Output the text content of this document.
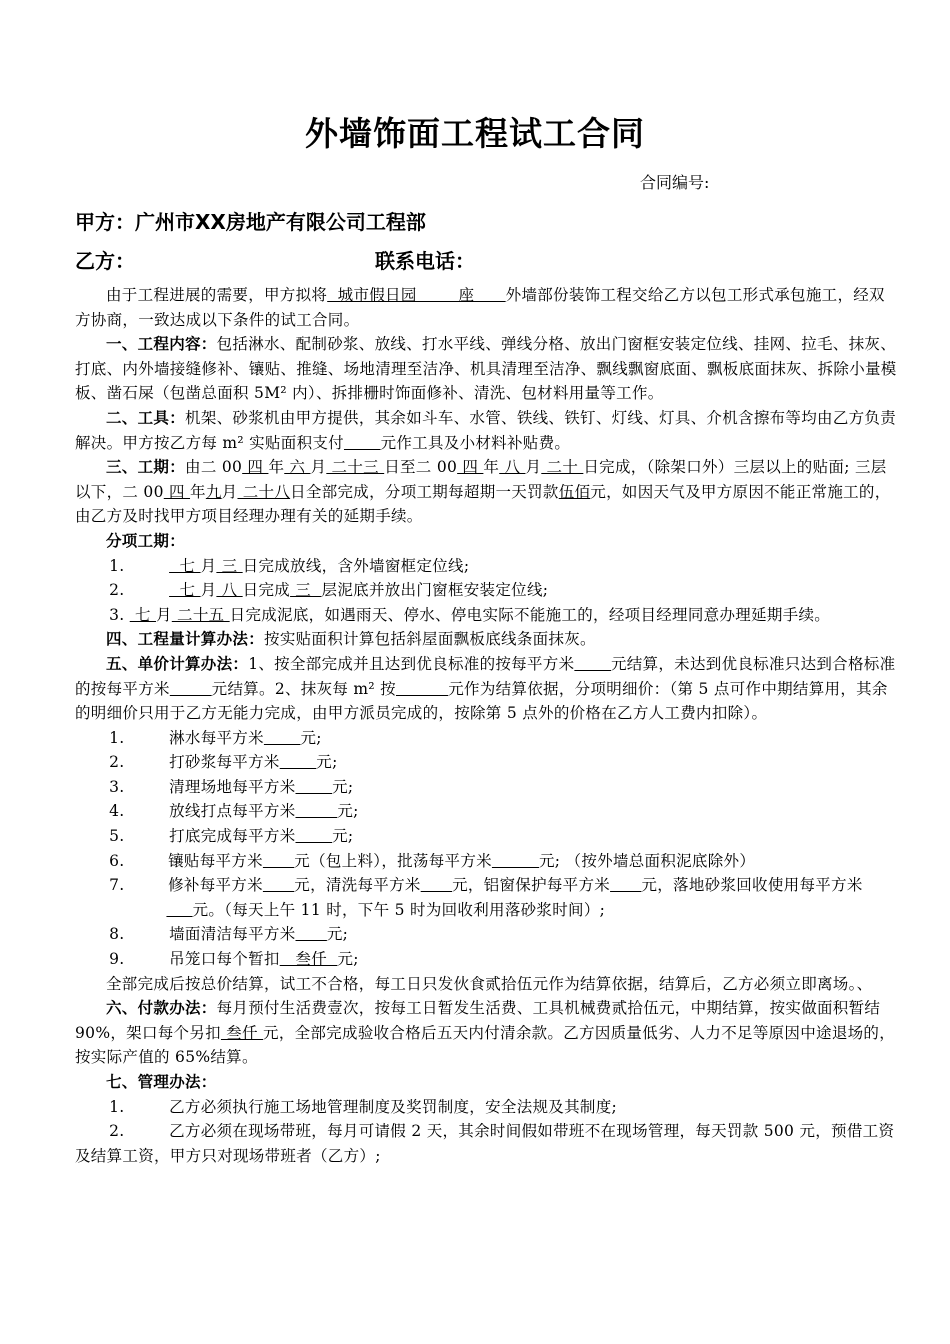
外墙饰面工程试工合同
合同编号:
甲方：广州市XX房地产有限公司工程部
乙方：	联系电话：

由于工程进展的需要，甲方拟将  城市假日园        座      外墙部份装饰工程交给乙方以包工形式承包施工，经双方协商，一致达成以下条件的试工合同。

一、工程内容：包括淋水、配制砂浆、放线、打水平线、弹线分格、放出门窗框安装定位线、挂网、拉毛、抹灰、打底、内外墙接缝修补、镶贴、推缝、场地清理至洁净、机具清理至洁净、飘线飘窗底面、飘板底面抹灰、拆除小量模板、凿石屎（包凿总面积 5M² 内）、拆排栅时饰面修补、清洗、包材料用量等工作。

二、工具：机架、砂浆机由甲方提供，其余如斗车、水管、铁线、铁钉、灯线、灯具、介机含擦布等均由乙方负责解决。甲方按乙方每 m² 实贴面积支付 元作工具及小材料补贴费。

三、工期：由二 00 四 年 六 月 二十三 日至二 00 四 年 八 月 二十 日完成，（除架口外）三层以上的贴面; 三层以下，二 00 四 年九月 二十八日全部完成，分项工期每超期一天罚款伍佰元，如因天气及甲方原因不能正常施工的，由乙方及时找甲方项目经理办理有关的延期手续。

分项工期：

1.	七 月 三 日完成放线，含外墙窗框定位线;

2.	七 月 八 日完成 三  层泥底并放出门窗框安装定位线;

3.  七 月 二十五 日完成泥底，如遇雨天、停水、停电实际不能施工的，经项目经理同意办理延期手续。

四、工程量计算办法：按实贴面积计算包括斜屋面飘板底线条面抹灰。

五、单价计算办法：1、按全部完成并且达到优良标准的按每平方米 元结算，未达到优良标准只达到合格标准的按每平方米	元结算。2、抹灰每 m² 按	元作为结算依据，分项明细价：（第 5 点可作中期结算用，其余的明细价只用于乙方无能力完成，由甲方派员完成的，按除第 5 点外的价格在乙方人工费内扣除）。

1.	淋水每平方米 元;

2.	打砂浆每平方米 元;

3.	清理场地每平方米 元;

4.	放线打点每平方米	元;

5.	打底完成每平方米 元;

6.	镶贴每平方米 元（包上料），批荡每平方米	元; （按外墙总面积泥底除外）

7.	修补每平方米 元，清洗每平方米 元，铝窗保护每平方米 元，落地砂浆回收使用每平方米     元。（每天上午 11 时，下午 5 时为回收利用落砂浆时间）;

8.	墙面清洁每平方米 元;

9.	吊笼口每个暂扣   叁仟  元;

全部完成后按总价结算，试工不合格，每工日只发伙食贰拾伍元作为结算依据，结算后，乙方必须立即离场。、

六、付款办法：每月预付生活费壹次，按每工日暂发生活费、工具机械费贰拾伍元，中期结算，按实做面积暂结 90%，架口每个另扣 叁仟 元，全部完成验收合格后五天内付清余款。乙方因质量低劣、人力不足等原因中途退场的，按实际产值的 65%结算。

七、管理办法：

1.	乙方必须执行施工场地管理制度及奖罚制度，安全法规及其制度;

2.	乙方必须在现场带班，每月可请假 2 天，其余时间假如带班不在现场管理，每天罚款 500 元，预借工资及结算工资，甲方只对现场带班者（乙方）;
